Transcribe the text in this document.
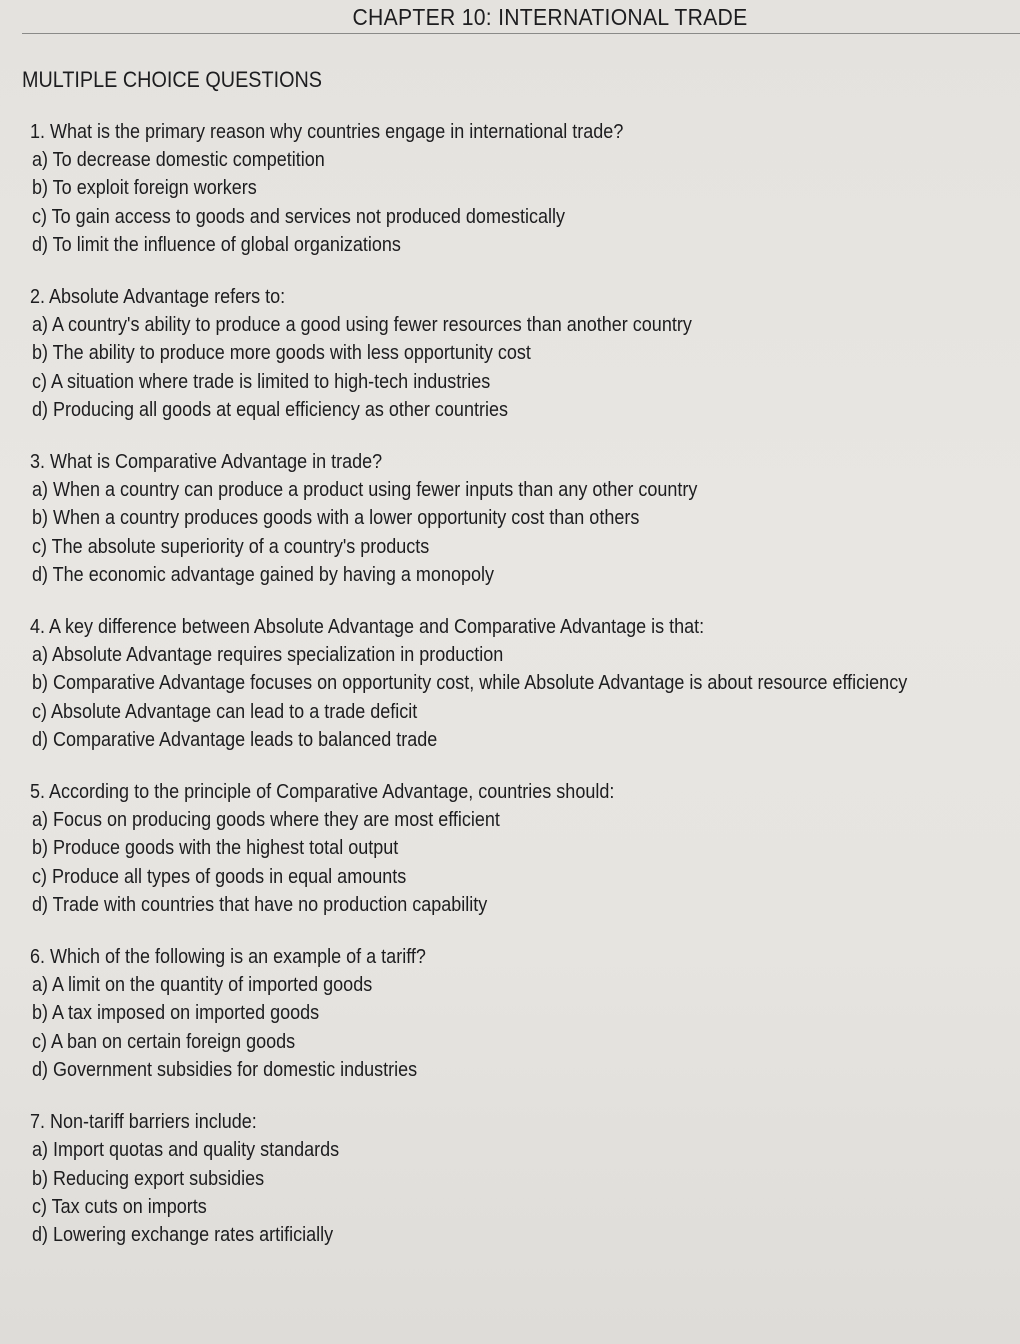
CHAPTER 10: INTERNATIONAL TRADE
MULTIPLE CHOICE QUESTIONS
1. What is the primary reason why countries engage in international trade?
a) To decrease domestic competition
b) To exploit foreign workers
c) To gain access to goods and services not produced domestically
d) To limit the influence of global organizations
2. Absolute Advantage refers to:
a) A country's ability to produce a good using fewer resources than another country
b) The ability to produce more goods with less opportunity cost
c) A situation where trade is limited to high-tech industries
d) Producing all goods at equal efficiency as other countries
3. What is Comparative Advantage in trade?
a) When a country can produce a product using fewer inputs than any other country
b) When a country produces goods with a lower opportunity cost than others
c) The absolute superiority of a country's products
d) The economic advantage gained by having a monopoly
4. A key difference between Absolute Advantage and Comparative Advantage is that:
a) Absolute Advantage requires specialization in production
b) Comparative Advantage focuses on opportunity cost, while Absolute Advantage is about resource efficiency
c) Absolute Advantage can lead to a trade deficit
d) Comparative Advantage leads to balanced trade
5. According to the principle of Comparative Advantage, countries should:
a) Focus on producing goods where they are most efficient
b) Produce goods with the highest total output
c) Produce all types of goods in equal amounts
d) Trade with countries that have no production capability
6. Which of the following is an example of a tariff?
a) A limit on the quantity of imported goods
b) A tax imposed on imported goods
c) A ban on certain foreign goods
d) Government subsidies for domestic industries
7. Non-tariff barriers include:
a) Import quotas and quality standards
b) Reducing export subsidies
c) Tax cuts on imports
d) Lowering exchange rates artificially
